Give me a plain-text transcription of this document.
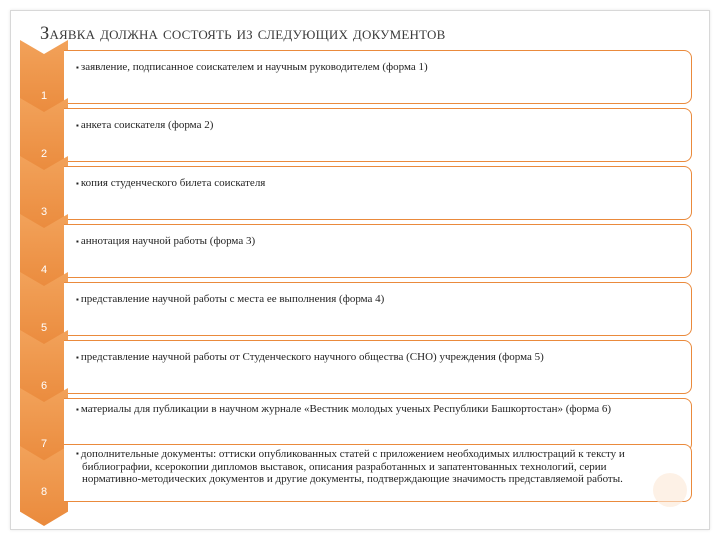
Заявка должна состоять из следующих документов
1
▪ заявление, подписанное соискателем и научным руководителем (форма 1)
2
▪ анкета соискателя (форма 2)
3
▪ копия студенческого билета соискателя
4
▪ аннотация научной работы (форма 3)
5
▪ представление научной работы с места ее выполнения (форма 4)
6
▪ представление научной работы от Студенческого научного общества (СНО) учреждения (форма 5)
7
▪ материалы для публикации в научном журнале «Вестник молодых ученых Республики Башкортостан» (форма 6)
8
▪ дополнительные документы: оттиски опубликованных статей с приложением необходимых иллюстраций к тексту и библиографии, ксерокопии дипломов выставок, описания разработанных и запатентованных технологий, серии нормативно-методических документов и другие документы, подтверждающие значимость представляемой работы.
